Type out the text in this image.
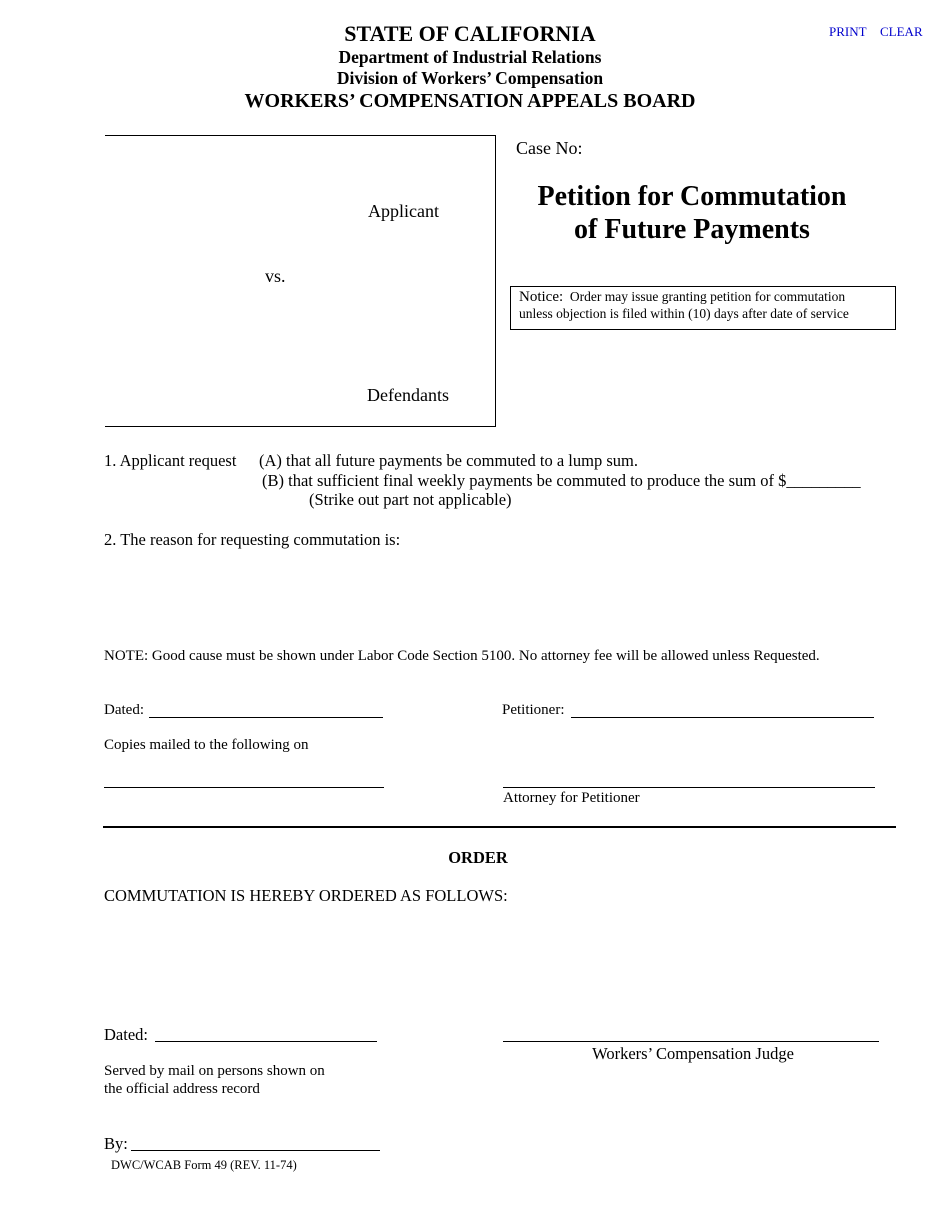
PRINT CLEAR
STATE OF CALIFORNIA
Department of Industrial Relations
Division of Workers’ Compensation
WORKERS’ COMPENSATION APPEALS BOARD
Applicant
vs.
Defendants
Case No:
Petition for Commutation
of Future Payments
Notice: Order may issue granting petition for commutation
unless objection is filed within (10) days after date of service
1. Applicant request (A) that all future payments be commuted to a lump sum.
(B) that sufficient final weekly payments be commuted to produce the sum of $_________
(Strike out part not applicable)
2. The reason for requesting commutation is:
NOTE: Good cause must be shown under Labor Code Section 5100. No attorney fee will be allowed unless Requested.
Dated:	Petitioner:
Copies mailed to the following on
Attorney for Petitioner
ORDER
COMMUTATION IS HEREBY ORDERED AS FOLLOWS:
Dated:
Workers’ Compensation Judge
Served by mail on persons shown on
the official address record
By:
DWC/WCAB Form 49 (REV. 11-74)
